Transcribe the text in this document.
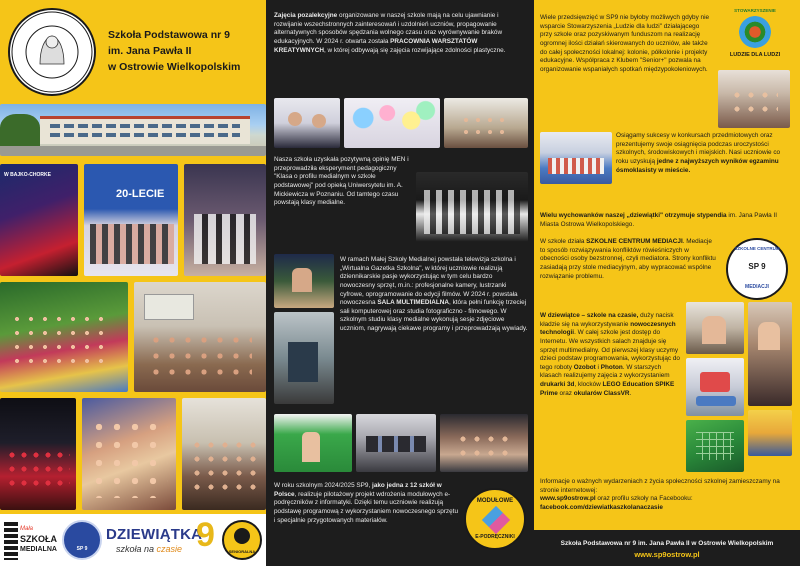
Szkoła Podstawowa nr 9
im. Jana Pawła II
w Ostrowie Wielkopolskim
W BAJKO-CHORKE
20-LECIE
Mała
SZKOŁA
MEDIALNA	SP 9
DZIEWIĄTKA
szkoła na czasie 9	SENIORALNA
Zajęcia pozalekcyjne organizowane w naszej szkole mają na celu ujawnianie i rozwijanie wszechstronnych zainteresowań i uzdolnień uczniów, propagowanie alternatywnych sposobów spędzania wolnego czasu oraz wyrównywanie braków edukacyjnych. W 2024 r. otwarta została PRACOWNIA WARSZTATÓW KREATYWNYCH, w której odbywają się zajęcia rozwijające zdolności plastyczne.
Nasza szkoła uzyskała pozytywną opinię MEN i przeprowadziła eksperyment pedagogiczny "Klasa o profilu medialnym w szkole podstawowej" pod opieką Uniwersytetu im. A. Mickiewicza w Poznaniu. Od tamtego czasu powstają klasy medialne.
W ramach Małej Szkoły Medialnej powstała telewizja szkolna i „Wirtualna Gazetka Szkolna", w której uczniowie realizują dziennikarskie pasje wykorzystując w tym celu bardzo nowoczesny sprzęt, m.in.: profesjonalne kamery, lustrzanki cyfrowe, oprogramowanie do edycji filmów. W 2024 r. powstała nowoczesna SALA MULTIMEDIALNA, która pełni funkcję trzeciej sali komputerowej oraz studia fotograficzno - filmowego. W szkolnym studiu klasy medialne wykonują sesje zdjęciowe uczniom, nagrywają ciekawe programy i przeprowadzają wywiady.
W roku szkolnym 2024/2025 SP9, jako jedna z 12 szkół w Polsce, realizuje pilotażowy projekt wdrożenia modułowych e-podręczników z informatyki. Dzięki temu uczniowie realizują podstawę programową z wykorzystaniem nowoczesnego sprzętu i specjalnie przygotowanych materiałów.
MODUŁOWE
E-PODRĘCZNIKI
Wiele przedsięwzięć w SP9 nie byłoby możliwych gdyby nie wsparcie Stowarzyszenia „Ludzie dla ludzi" działającego przy szkole oraz pozyskiwanym funduszom na realizację ogromnej ilości działań skierowanych do uczniów, ale także do całej społeczności lokalnej: kolonie, półkolonie i projekty edukacyjne. Współpraca z Klubem "Senior+" pozwala na organizowanie wspaniałych spotkań międzypokoleniowych.
STOWARZYSZENIE
LUDZIE DLA LUDZI
Osiągamy sukcesy w konkursach przedmiotowych oraz prezentujemy swoje osiągnięcia podczas uroczystości szkolnych, środowiskowych i miejskich. Nasi uczniowie co roku uzyskują jedne z najwyższych wyników egzaminu ósmoklasisty w mieście.
Wielu wychowanków naszej „dziewiątki" otrzymuje stypendia im. Jana Pawła II Miasta Ostrowa Wielkopolskiego.
W szkole działa SZKOLNE CENTRUM MEDIACJI. Mediacje to sposób rozwiązywania konfliktów rówieśniczych w obecności osoby bezstronnej, czyli mediatora. Strony konfliktu zasiadają przy stole mediacyjnym, aby wypracować wspólne rozwiązanie problemu.
SZKOLNE CENTRUM
SP 9
MEDIACJI
W dziewiątce – szkole na czasie, duży nacisk kładzie się na wykorzystywanie nowoczesnych technologii. W całej szkole jest dostęp do Internetu. We wszystkich salach znajduje się sprzęt multimedialny. Od pierwszej klasy uczymy dzieci podstaw programowania, wykorzystując do tego roboty Ozobot i Photon. W starszych klasach realizujemy zajęcia z wykorzystaniem drukarki 3d, klocków LEGO Education SPIKE Prime oraz okularów ClassVR.
Informacje o ważnych wydarzeniach z życia społeczności szkolnej zamieszczamy na stronie internetowej:
www.sp9ostrow.pl oraz profilu szkoły na Facebooku:
facebook.com/dziewiatkaszkolanaczasie
Szkoła Podstawowa nr 9 im. Jana Pawła II w Ostrowie Wielkopolskim
www.sp9ostrow.pl
